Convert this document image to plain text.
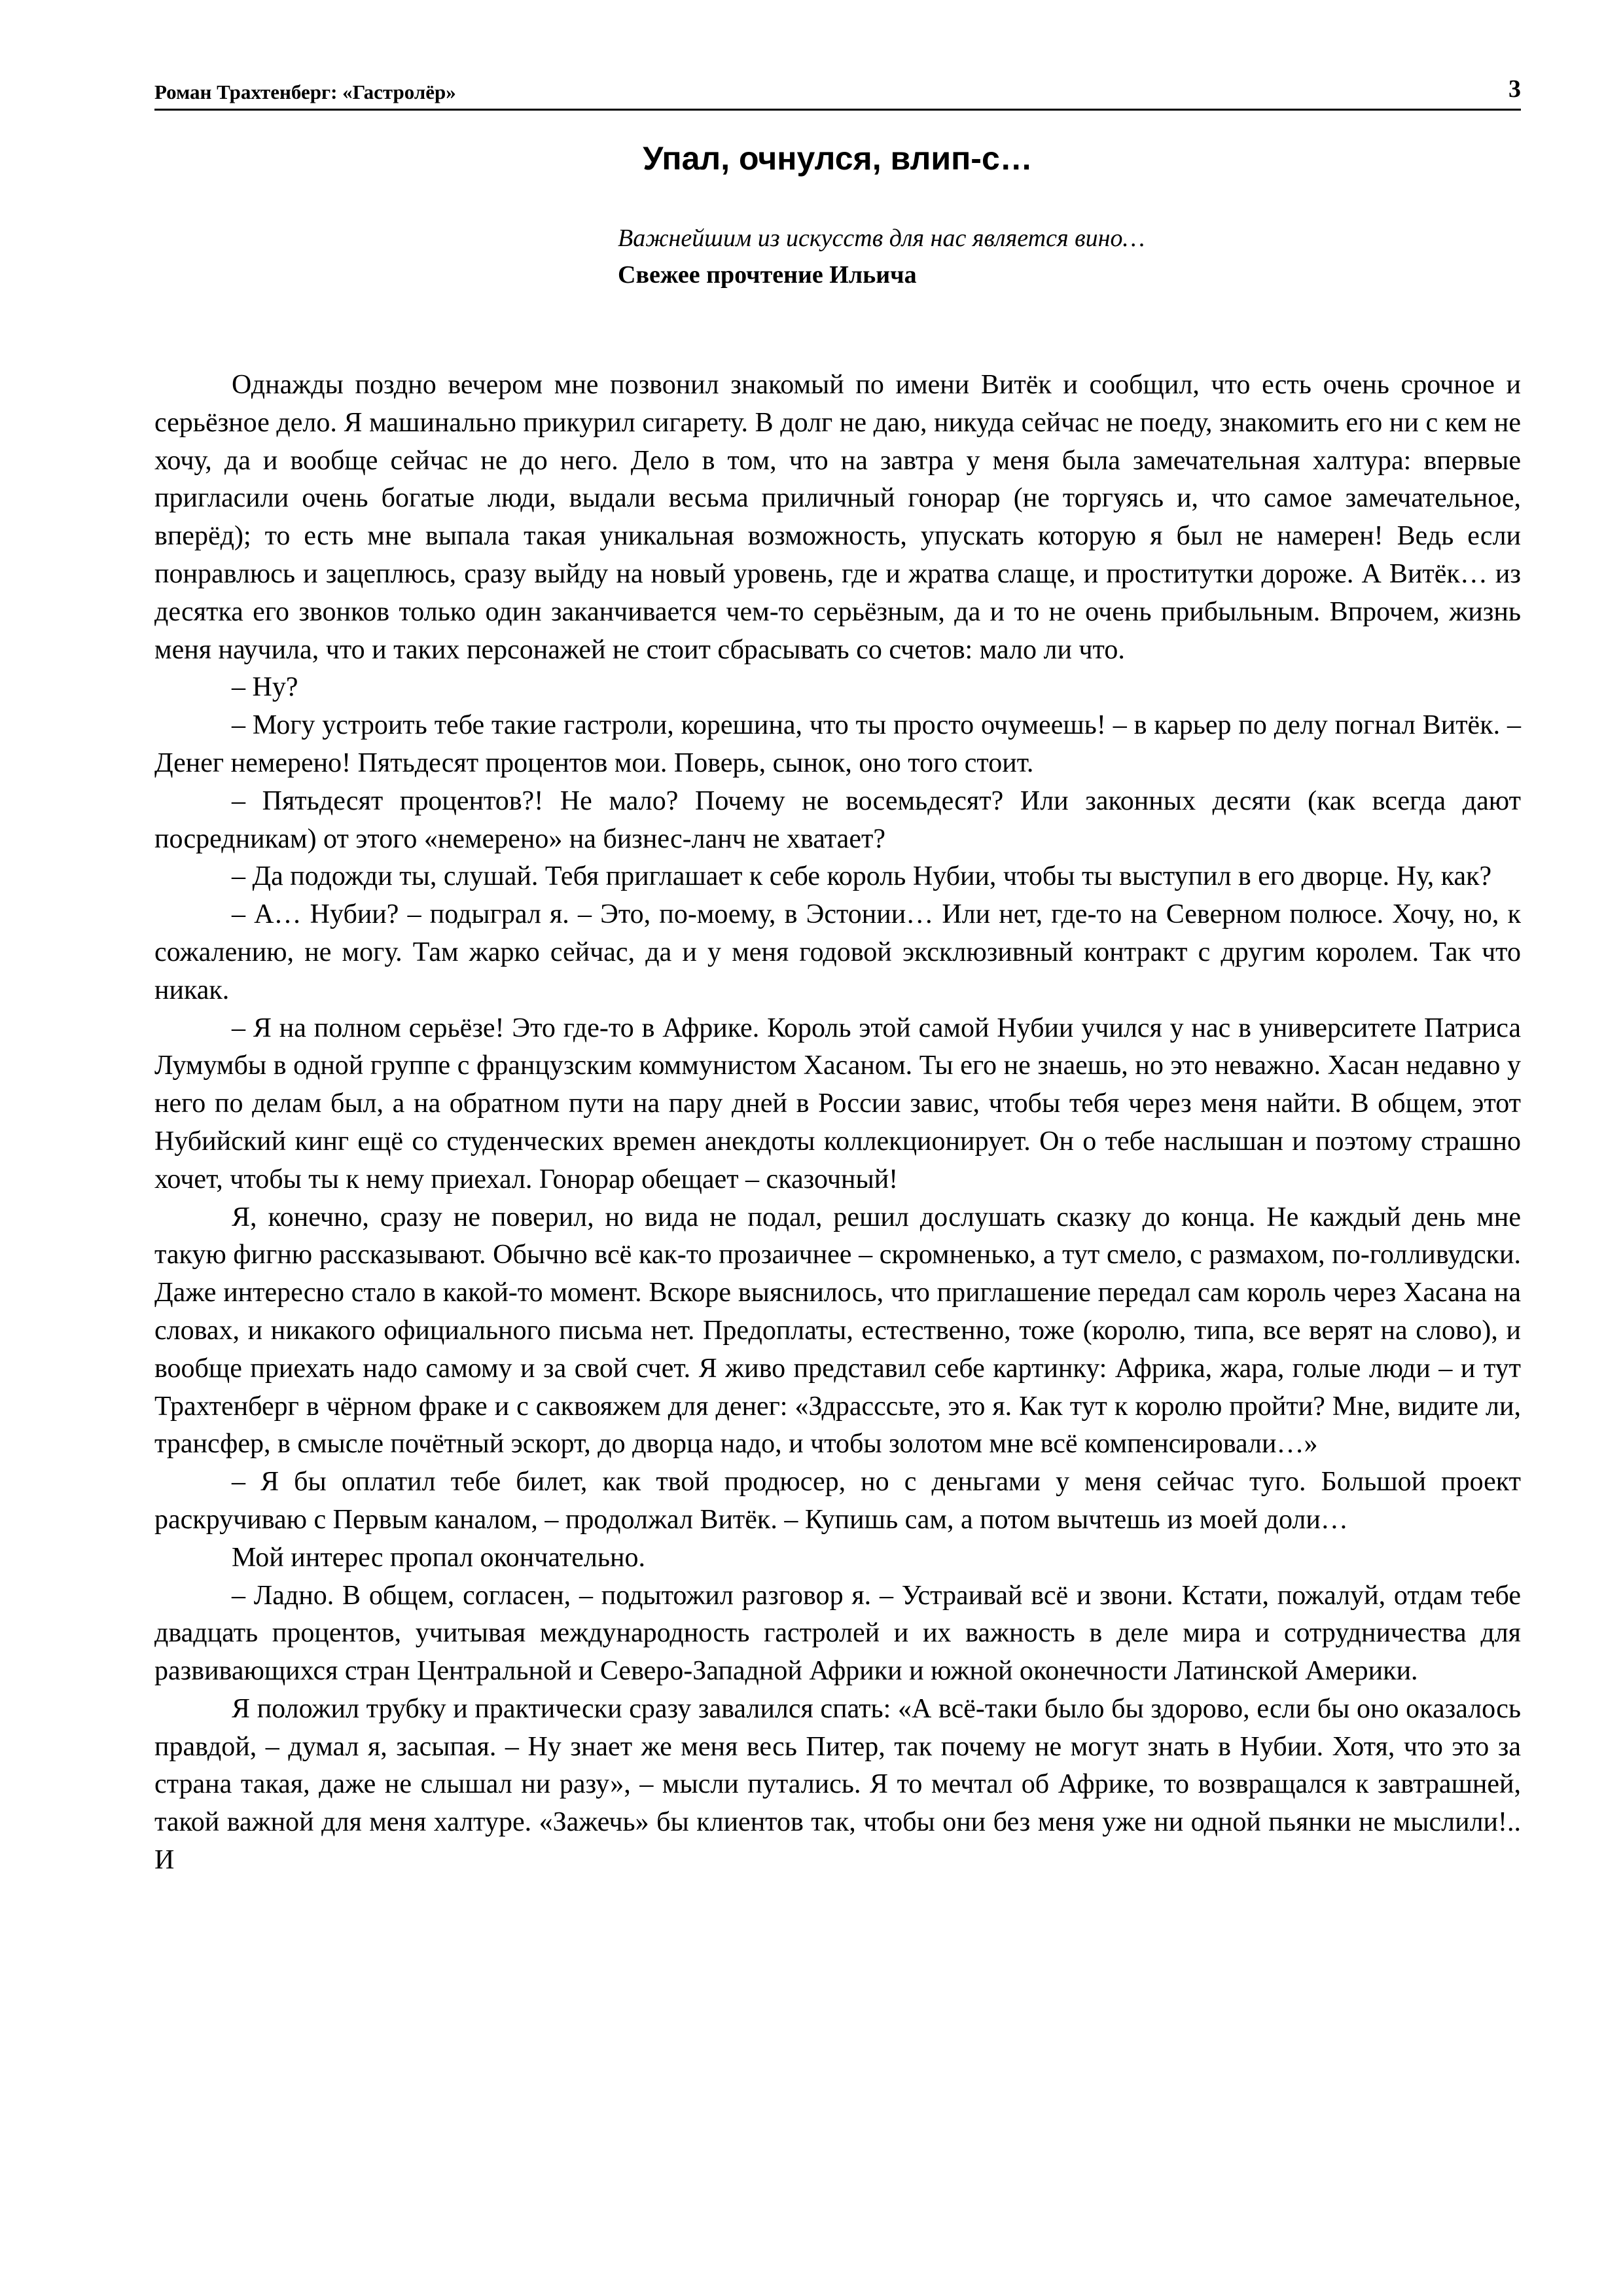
Роман Трахтенберг: «Гастролёр»	3
Упал, очнулся, влип-с…
Важнейшим из искусств для нас является вино…
Свежее прочтение Ильича

Однажды поздно вечером мне позвонил знакомый по имени Витёк и сообщил, что есть очень срочное и серьёзное дело. Я машинально прикурил сигарету. В долг не даю, никуда сейчас не поеду, знакомить его ни с кем не хочу, да и вообще сейчас не до него. Дело в том, что на завтра у меня была замечательная халтура: впервые пригласили очень богатые люди, выдали весьма приличный гонорар (не торгуясь и, что самое замечательное, вперёд); то есть мне выпала такая уникальная возможность, упускать которую я был не намерен! Ведь если понравлюсь и зацеплюсь, сразу выйду на новый уровень, где и жратва слаще, и проститутки дороже. А Витёк… из десятка его звонков только один заканчивается чем-то серьёзным, да и то не очень прибыльным. Впрочем, жизнь меня научила, что и таких персонажей не стоит сбрасывать со счетов: мало ли что.

– Ну?

– Могу устроить тебе такие гастроли, корешина, что ты просто очумеешь! – в карьер по делу погнал Витёк. – Денег немерено! Пятьдесят процентов мои. Поверь, сынок, оно того стоит.

– Пятьдесят процентов?! Не мало? Почему не восемьдесят? Или законных десяти (как всегда дают посредникам) от этого «немерено» на бизнес-ланч не хватает?

– Да подожди ты, слушай. Тебя приглашает к себе король Нубии, чтобы ты выступил в его дворце. Ну, как?

– А… Нубии? – подыграл я. – Это, по-моему, в Эстонии… Или нет, где-то на Северном полюсе. Хочу, но, к сожалению, не могу. Там жарко сейчас, да и у меня годовой эксклюзивный контракт с другим королем. Так что никак.

– Я на полном серьёзе! Это где-то в Африке. Король этой самой Нубии учился у нас в университете Патриса Лумумбы в одной группе с французским коммунистом Хасаном. Ты его не знаешь, но это неважно. Хасан недавно у него по делам был, а на обратном пути на пару дней в России завис, чтобы тебя через меня найти. В общем, этот Нубийский кинг ещё со студенческих времен анекдоты коллекционирует. Он о тебе наслышан и поэтому страшно хочет, чтобы ты к нему приехал. Гонорар обещает – сказочный!

Я, конечно, сразу не поверил, но вида не подал, решил дослушать сказку до конца. Не каждый день мне такую фигню рассказывают. Обычно всё как-то прозаичнее – скромненько, а тут смело, с размахом, по-голливудски. Даже интересно стало в какой-то момент. Вскоре выяснилось, что приглашение передал сам король через Хасана на словах, и никакого официального письма нет. Предоплаты, естественно, тоже (королю, типа, все верят на слово), и вообще приехать надо самому и за свой счет. Я живо представил себе картинку: Африка, жара, голые люди – и тут Трахтенберг в чёрном фраке и с саквояжем для денег: «Здрасссьте, это я. Как тут к королю пройти? Мне, видите ли, трансфер, в смысле почётный эскорт, до дворца надо, и чтобы золотом мне всё компенсировали…»

– Я бы оплатил тебе билет, как твой продюсер, но с деньгами у меня сейчас туго. Большой проект раскручиваю с Первым каналом, – продолжал Витёк. – Купишь сам, а потом вычтешь из моей доли…

Мой интерес пропал окончательно.

– Ладно. В общем, согласен, – подытожил разговор я. – Устраивай всё и звони. Кстати, пожалуй, отдам тебе двадцать процентов, учитывая международность гастролей и их важность в деле мира и сотрудничества для развивающихся стран Центральной и Северо-Западной Африки и южной оконечности Латинской Америки.

Я положил трубку и практически сразу завалился спать: «А всё-таки было бы здорово, если бы оно оказалось правдой, – думал я, засыпая. – Ну знает же меня весь Питер, так почему не могут знать в Нубии. Хотя, что это за страна такая, даже не слышал ни разу», – мысли путались. Я то мечтал об Африке, то возвращался к завтрашней, такой важной для меня халтуре. «Зажечь» бы клиентов так, чтобы они без меня уже ни одной пьянки не мыслили!.. И
